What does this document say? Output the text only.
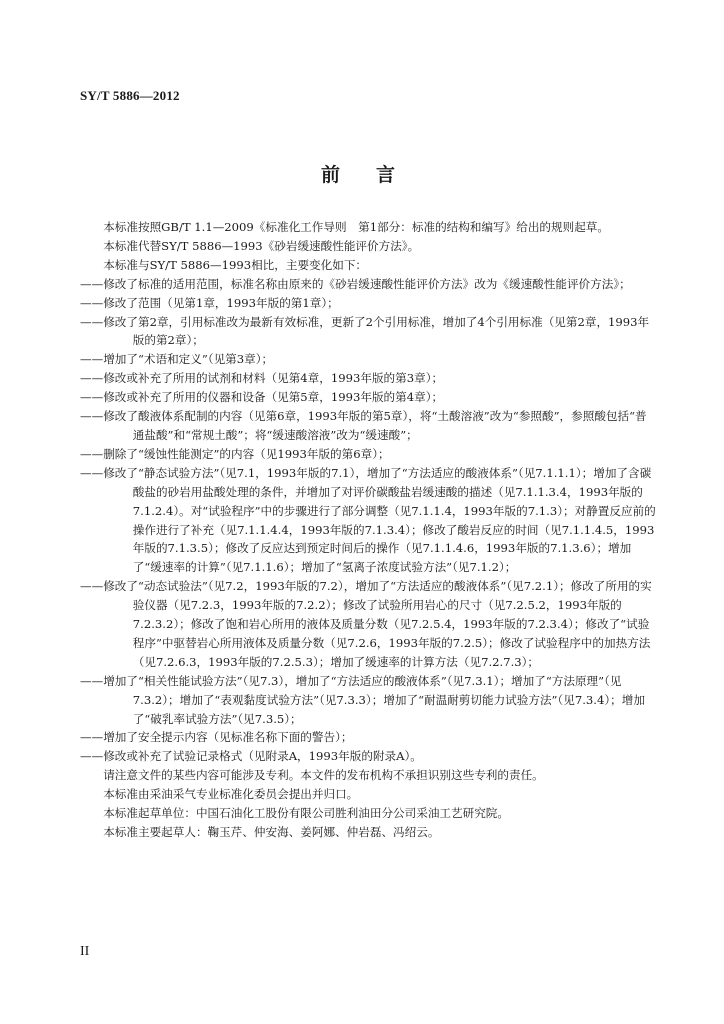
SY/T 5886—2012
前言

本标准按照GB/T 1.1—2009《标准化工作导则　第1部分：标准的结构和编写》给出的规则起草。

本标准代替SY/T 5886—1993《砂岩缓速酸性能评价方法》。

本标准与SY/T 5886—1993相比，主要变化如下：

——修改了标准的适用范围，标准名称由原来的《砂岩缓速酸性能评价方法》改为《缓速酸性能评价方法》；

——修改了范围（见第1章，1993年版的第1章）；

——修改了第2章，引用标准改为最新有效标准，更新了2个引用标准，增加了4个引用标准（见第2章，1993年版的第2章）；

——增加了“术语和定义”（见第3章）；

——修改或补充了所用的试剂和材料（见第4章，1993年版的第3章）；

——修改或补充了所用的仪器和设备（见第5章，1993年版的第4章）；

——修改了酸液体系配制的内容（见第6章，1993年版的第5章），将“土酸溶液”改为“参照酸”，参照酸包括“普通盐酸”和“常规土酸”；将“缓速酸溶液”改为“缓速酸”；

——删除了“缓蚀性能测定”的内容（见1993年版的第6章）；

——修改了“静态试验方法”（见7.1，1993年版的7.1），增加了“方法适应的酸液体系”（见7.1.1.1）；增加了含碳酸盐的砂岩用盐酸处理的条件，并增加了对评价碳酸盐岩缓速酸的描述（见7.1.1.3.4，1993年版的7.1.2.4）。对“试验程序”中的步骤进行了部分调整（见7.1.1.4，1993年版的7.1.3）；对静置反应前的操作进行了补充（见7.1.1.4.4，1993年版的7.1.3.4）；修改了酸岩反应的时间（见7.1.1.4.5，1993年版的7.1.3.5）；修改了反应达到预定时间后的操作（见7.1.1.4.6，1993年版的7.1.3.6）；增加了“缓速率的计算”（见7.1.1.6）；增加了“氢离子浓度试验方法”（见7.1.2）；

——修改了“动态试验法”（见7.2，1993年版的7.2），增加了“方法适应的酸液体系”（见7.2.1）；修改了所用的实验仪器（见7.2.3，1993年版的7.2.2）；修改了试验所用岩心的尺寸（见7.2.5.2，1993年版的7.2.3.2）；修改了饱和岩心所用的液体及质量分数（见7.2.5.4，1993年版的7.2.3.4）；修改了“试验程序”中驱替岩心所用液体及质量分数（见7.2.6，1993年版的7.2.5）；修改了试验程序中的加热方法（见7.2.6.3，1993年版的7.2.5.3）；增加了缓速率的计算方法（见7.2.7.3）；

——增加了“相关性能试验方法”（见7.3），增加了“方法适应的酸液体系”（见7.3.1）；增加了“方法原理”（见7.3.2）；增加了“表观黏度试验方法”（见7.3.3）；增加了“耐温耐剪切能力试验方法”（见7.3.4）；增加了“破乳率试验方法”（见7.3.5）；

——增加了安全提示内容（见标准名称下面的警告）；

——修改或补充了试验记录格式（见附录A，1993年版的附录A）。

请注意文件的某些内容可能涉及专利。本文件的发布机构不承担识别这些专利的责任。

本标准由采油采气专业标准化委员会提出并归口。

本标准起草单位：中国石油化工股份有限公司胜利油田分公司采油工艺研究院。

本标准主要起草人：鞠玉芹、仲安海、姜阿娜、仲岩磊、冯绍云。

II
